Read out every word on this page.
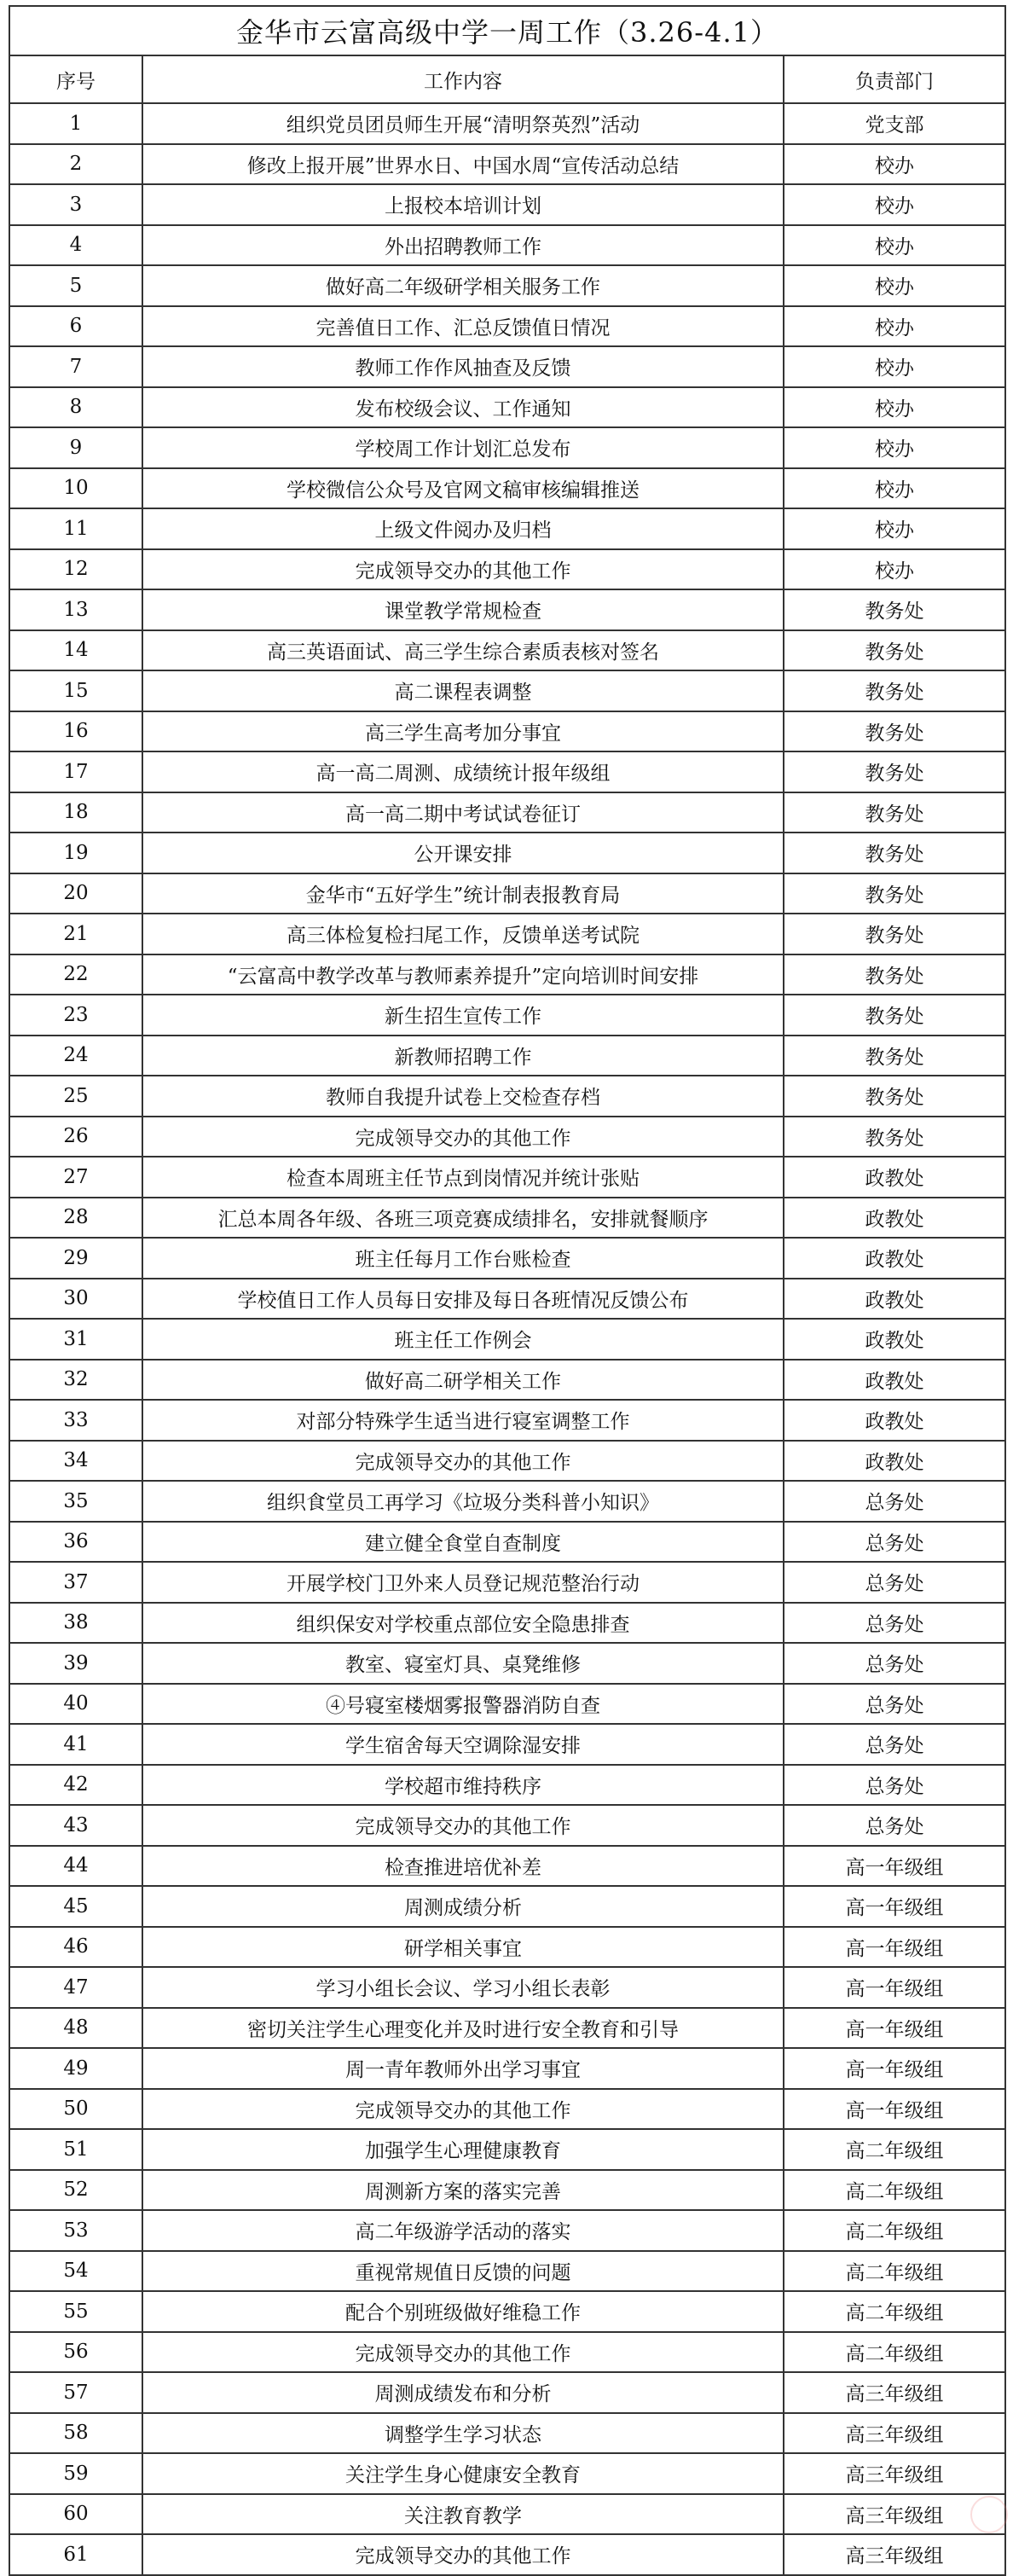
金华市云富高级中学一周工作（3.26-4.1）		
序号	工作内容	负责部门
1	组织党员团员师生开展“清明祭英烈”活动	党支部
2	修改上报开展”世界水日、中国水周“宣传活动总结	校办
3	上报校本培训计划	校办
4	外出招聘教师工作	校办
5	做好高二年级研学相关服务工作	校办
6	完善值日工作、汇总反馈值日情况	校办
7	教师工作作风抽查及反馈	校办
8	发布校级会议、工作通知	校办
9	学校周工作计划汇总发布	校办
10	学校微信公众号及官网文稿审核编辑推送	校办
11	上级文件阅办及归档	校办
12	完成领导交办的其他工作	校办
13	课堂教学常规检查	教务处
14	高三英语面试、高三学生综合素质表核对签名	教务处
15	高二课程表调整	教务处
16	高三学生高考加分事宜	教务处
17	高一高二周测、成绩统计报年级组	教务处
18	高一高二期中考试试卷征订	教务处
19	公开课安排	教务处
20	金华市“五好学生”统计制表报教育局	教务处
21	高三体检复检扫尾工作，反馈单送考试院	教务处
22	“云富高中教学改革与教师素养提升”定向培训时间安排	教务处
23	新生招生宣传工作	教务处
24	新教师招聘工作	教务处
25	教师自我提升试卷上交检查存档	教务处
26	完成领导交办的其他工作	教务处
27	检查本周班主任节点到岗情况并统计张贴	政教处
28	汇总本周各年级、各班三项竞赛成绩排名，安排就餐顺序	政教处
29	班主任每月工作台账检查	政教处
30	学校值日工作人员每日安排及每日各班情况反馈公布	政教处
31	班主任工作例会	政教处
32	做好高二研学相关工作	政教处
33	对部分特殊学生适当进行寝室调整工作	政教处
34	完成领导交办的其他工作	政教处
35	组织食堂员工再学习《垃圾分类科普小知识》	总务处
36	建立健全食堂自查制度	总务处
37	开展学校门卫外来人员登记规范整治行动	总务处
38	组织保安对学校重点部位安全隐患排查	总务处
39	教室、寝室灯具、桌凳维修	总务处
40	④号寝室楼烟雾报警器消防自查	总务处
41	学生宿舍每天空调除湿安排	总务处
42	学校超市维持秩序	总务处
43	完成领导交办的其他工作	总务处
44	检查推进培优补差	高一年级组
45	周测成绩分析	高一年级组
46	研学相关事宜	高一年级组
47	学习小组长会议、学习小组长表彰	高一年级组
48	密切关注学生心理变化并及时进行安全教育和引导	高一年级组
49	周一青年教师外出学习事宜	高一年级组
50	完成领导交办的其他工作	高一年级组
51	加强学生心理健康教育	高二年级组
52	周测新方案的落实完善	高二年级组
53	高二年级游学活动的落实	高二年级组
54	重视常规值日反馈的问题	高二年级组
55	配合个别班级做好维稳工作	高二年级组
56	完成领导交办的其他工作	高二年级组
57	周测成绩发布和分析	高三年级组
58	调整学生学习状态	高三年级组
59	关注学生身心健康安全教育	高三年级组
60	关注教育教学	高三年级组
61	完成领导交办的其他工作	高三年级组
